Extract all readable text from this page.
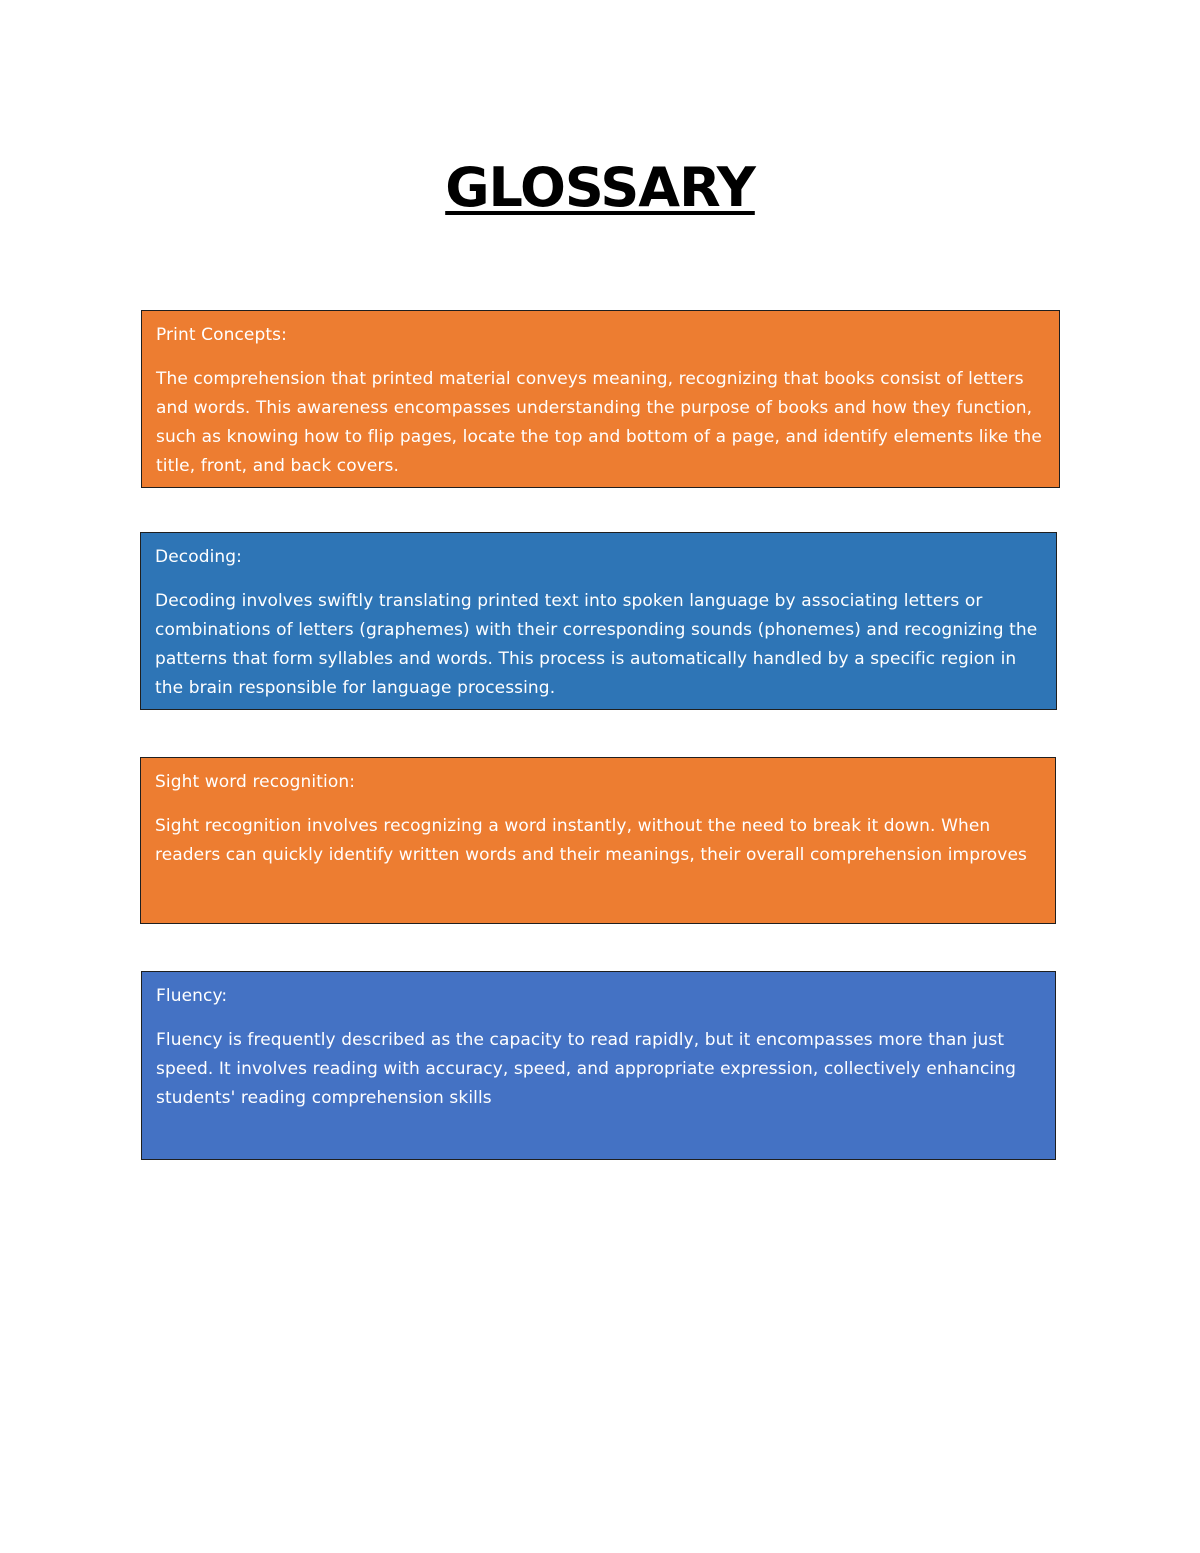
GLOSSARY

Print Concepts:

The comprehension that printed material conveys meaning, recognizing that books consist of letters and words. This awareness encompasses understanding the purpose of books and how they function, such as knowing how to flip pages, locate the top and bottom of a page, and identify elements like the title, front, and back covers.

Decoding:

Decoding involves swiftly translating printed text into spoken language by associating letters or combinations of letters (graphemes) with their corresponding sounds (phonemes) and recognizing the patterns that form syllables and words. This process is automatically handled by a specific region in the brain responsible for language processing.

Sight word recognition:

Sight recognition involves recognizing a word instantly, without the need to break it down. When readers can quickly identify written words and their meanings, their overall comprehension improves

Fluency:

Fluency is frequently described as the capacity to read rapidly, but it encompasses more than just speed. It involves reading with accuracy, speed, and appropriate expression, collectively enhancing students' reading comprehension skills
